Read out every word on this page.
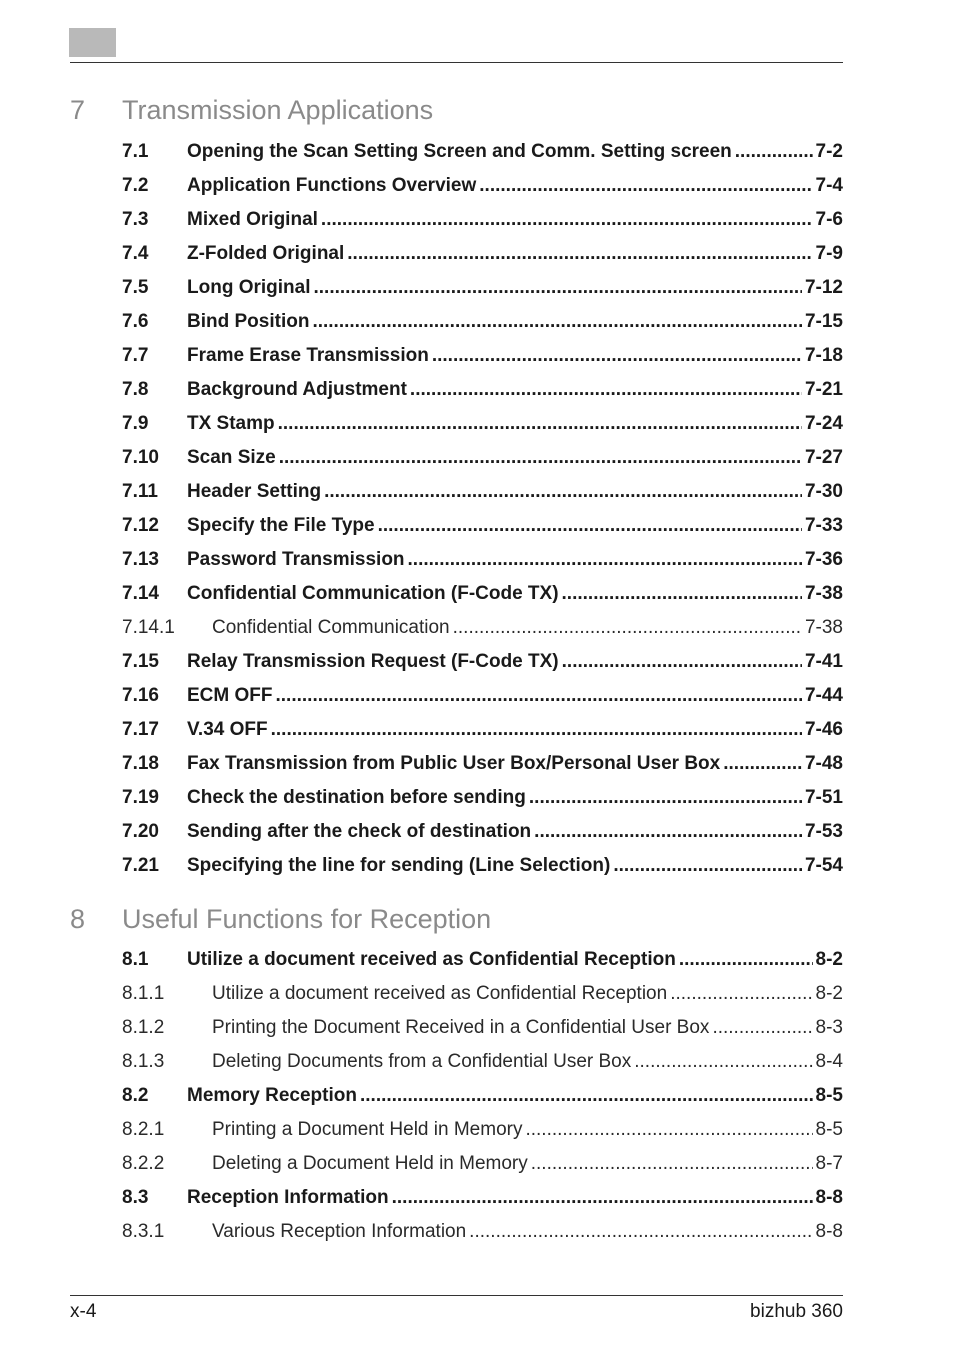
7 Transmission Applications
7.1	Opening the Scan Setting Screen and Comm. Setting screen .....	7-2
7.2	Application Functions Overview .....	7-4
7.3	Mixed Original .....	7-6
7.4	Z-Folded Original .....	7-9
7.5	Long Original .....	7-12
7.6	Bind Position .....	7-15
7.7	Frame Erase Transmission .....	7-18
7.8	Background Adjustment .....	7-21
7.9	TX Stamp .....	7-24
7.10	Scan Size .....	7-27
7.11	Header Setting .....	7-30
7.12	Specify the File Type .....	7-33
7.13	Password Transmission .....	7-36
7.14	Confidential Communication (F-Code TX) .....	7-38
7.14.1	Confidential Communication .....	7-38
7.15	Relay Transmission Request (F-Code TX) .....	7-41
7.16	ECM OFF .....	7-44
7.17	V.34 OFF .....	7-46
7.18	Fax Transmission from Public User Box/Personal User Box .....	7-48
7.19	Check the destination before sending .....	7-51
7.20	Sending after the check of destination .....	7-53
7.21	Specifying the line for sending (Line Selection) .....	7-54
8 Useful Functions for Reception
8.1	Utilize a document received as Confidential Reception .....	8-2
8.1.1	Utilize a document received as Confidential Reception .....	8-2
8.1.2	Printing the Document Received in a Confidential User Box .....	8-3
8.1.3	Deleting Documents from a Confidential User Box .....	8-4
8.2	Memory Reception .....	8-5
8.2.1	Printing a Document Held in Memory .....	8-5
8.2.2	Deleting a Document Held in Memory .....	8-7
8.3	Reception Information .....	8-8
8.3.1	Various Reception Information .....	8-8
x-4	bizhub 360
